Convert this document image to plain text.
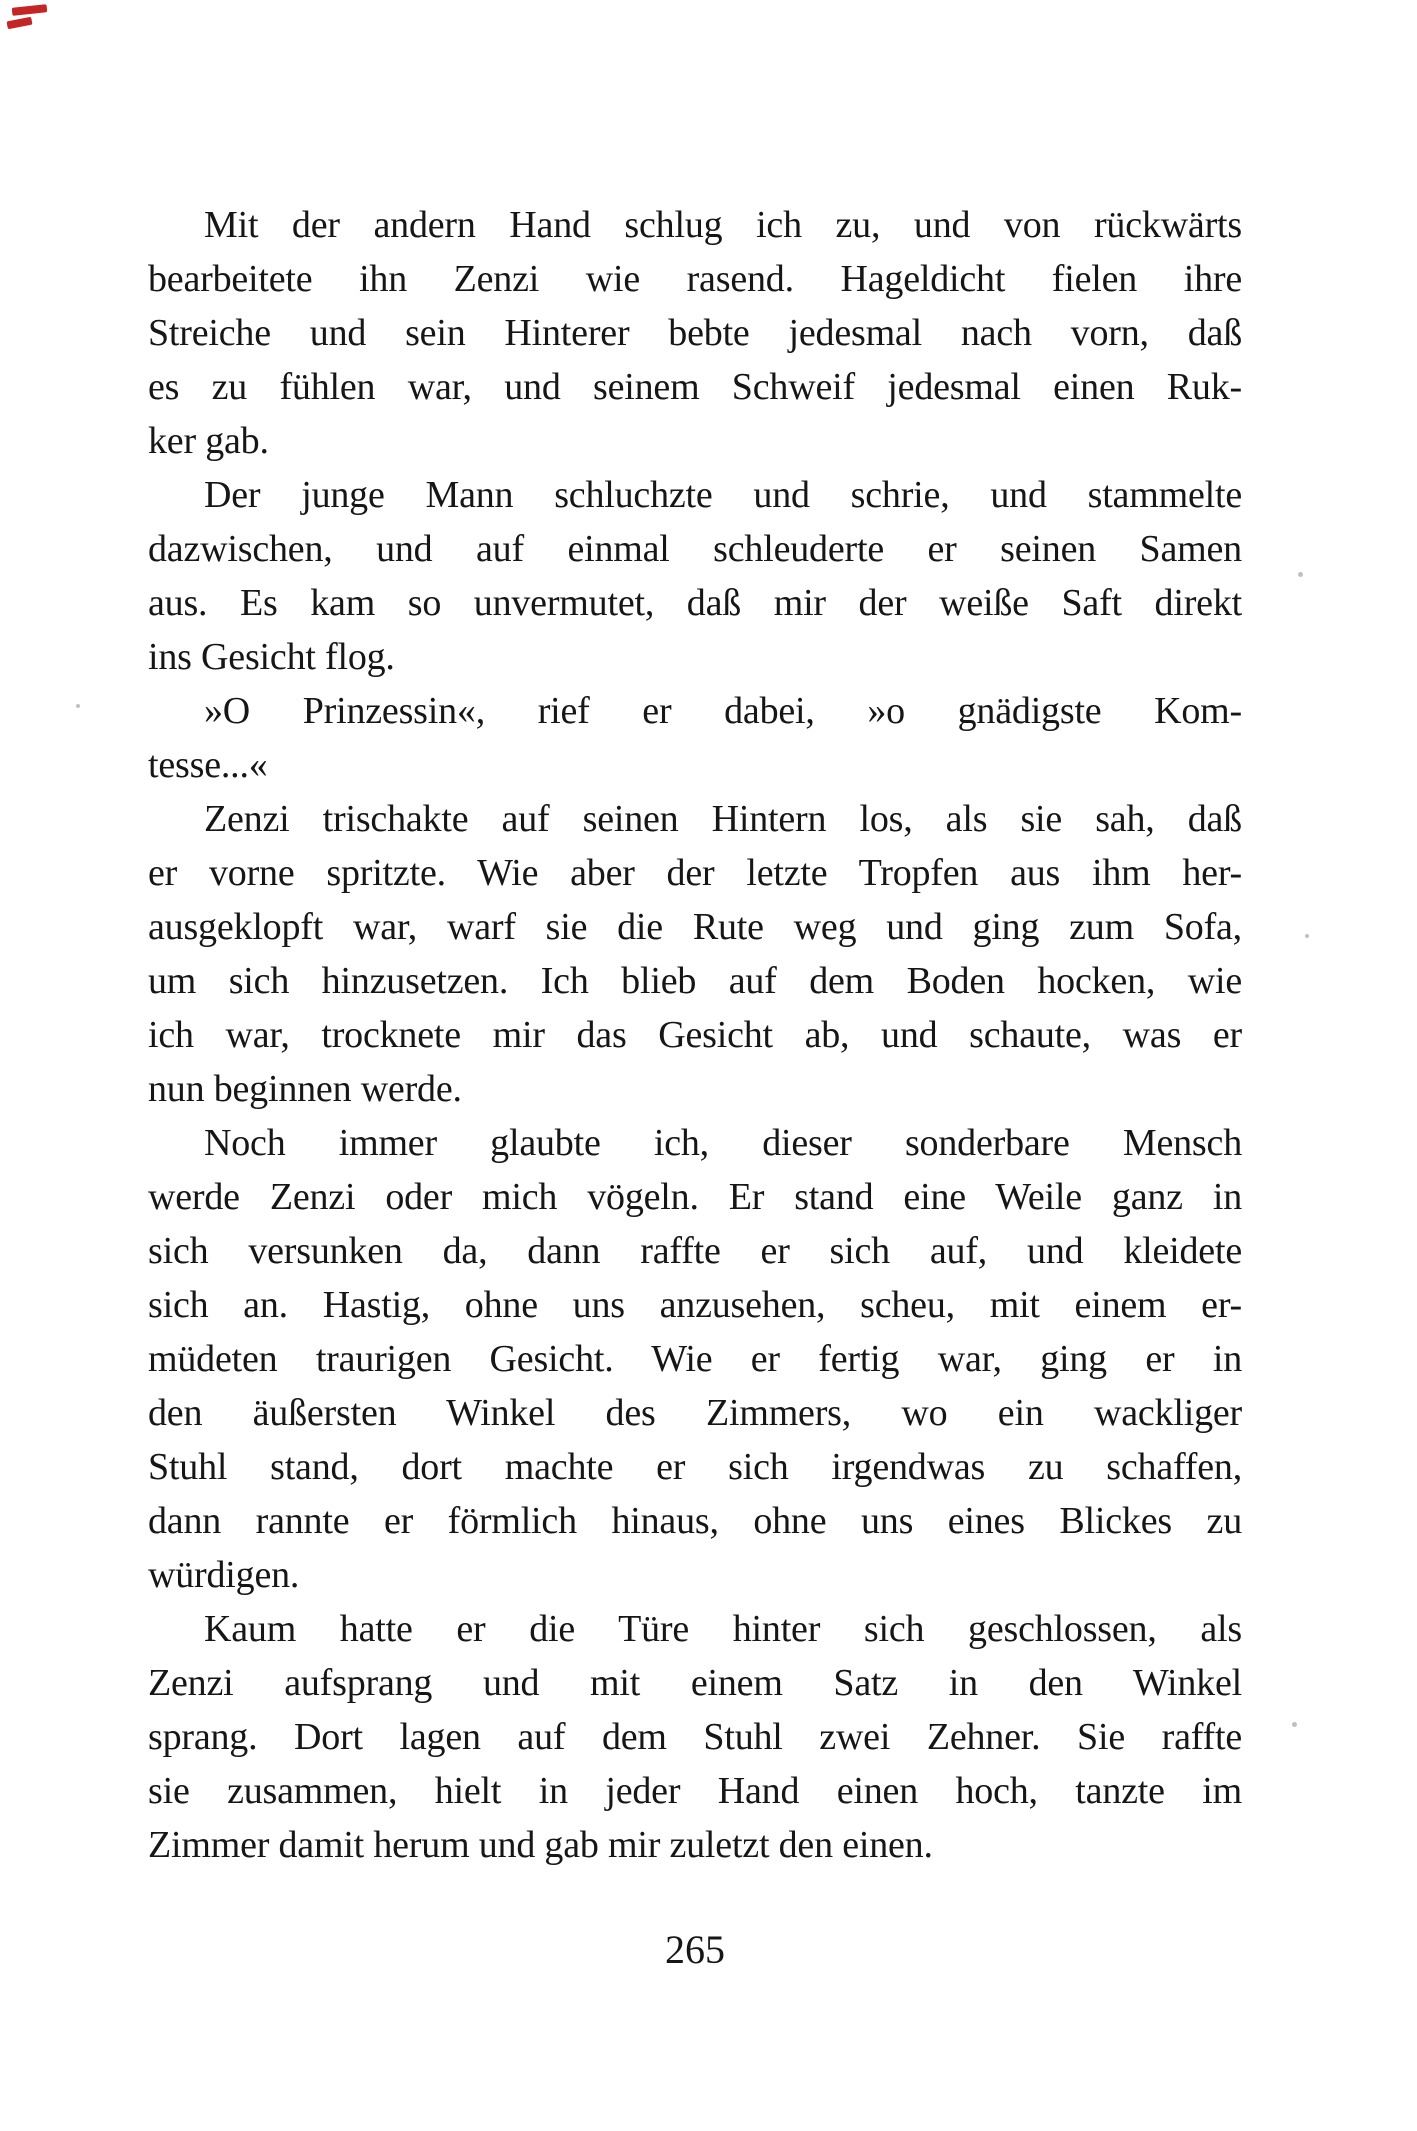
Mit der andern Hand schlug ich zu, und von rückwärts
bearbeitete ihn Zenzi wie rasend. Hageldicht fielen ihre
Streiche und sein Hinterer bebte jedesmal nach vorn, daß
es zu fühlen war, und seinem Schweif jedesmal einen Ruk-
ker gab.
Der junge Mann schluchzte und schrie, und stammelte
dazwischen, und auf einmal schleuderte er seinen Samen
aus. Es kam so unvermutet, daß mir der weiße Saft direkt
ins Gesicht flog.
»O Prinzessin«, rief er dabei, »o gnädigste Kom-
tesse...«
Zenzi trischakte auf seinen Hintern los, als sie sah, daß
er vorne spritzte. Wie aber der letzte Tropfen aus ihm her-
ausgeklopft war, warf sie die Rute weg und ging zum Sofa,
um sich hinzusetzen. Ich blieb auf dem Boden hocken, wie
ich war, trocknete mir das Gesicht ab, und schaute, was er
nun beginnen werde.
Noch immer glaubte ich, dieser sonderbare Mensch
werde Zenzi oder mich vögeln. Er stand eine Weile ganz in
sich versunken da, dann raffte er sich auf, und kleidete
sich an. Hastig, ohne uns anzusehen, scheu, mit einem er-
müdeten traurigen Gesicht. Wie er fertig war, ging er in
den äußersten Winkel des Zimmers, wo ein wackliger
Stuhl stand, dort machte er sich irgendwas zu schaffen,
dann rannte er förmlich hinaus, ohne uns eines Blickes zu
würdigen.
Kaum hatte er die Türe hinter sich geschlossen, als
Zenzi aufsprang und mit einem Satz in den Winkel
sprang. Dort lagen auf dem Stuhl zwei Zehner. Sie raffte
sie zusammen, hielt in jeder Hand einen hoch, tanzte im
Zimmer damit herum und gab mir zuletzt den einen.
265
